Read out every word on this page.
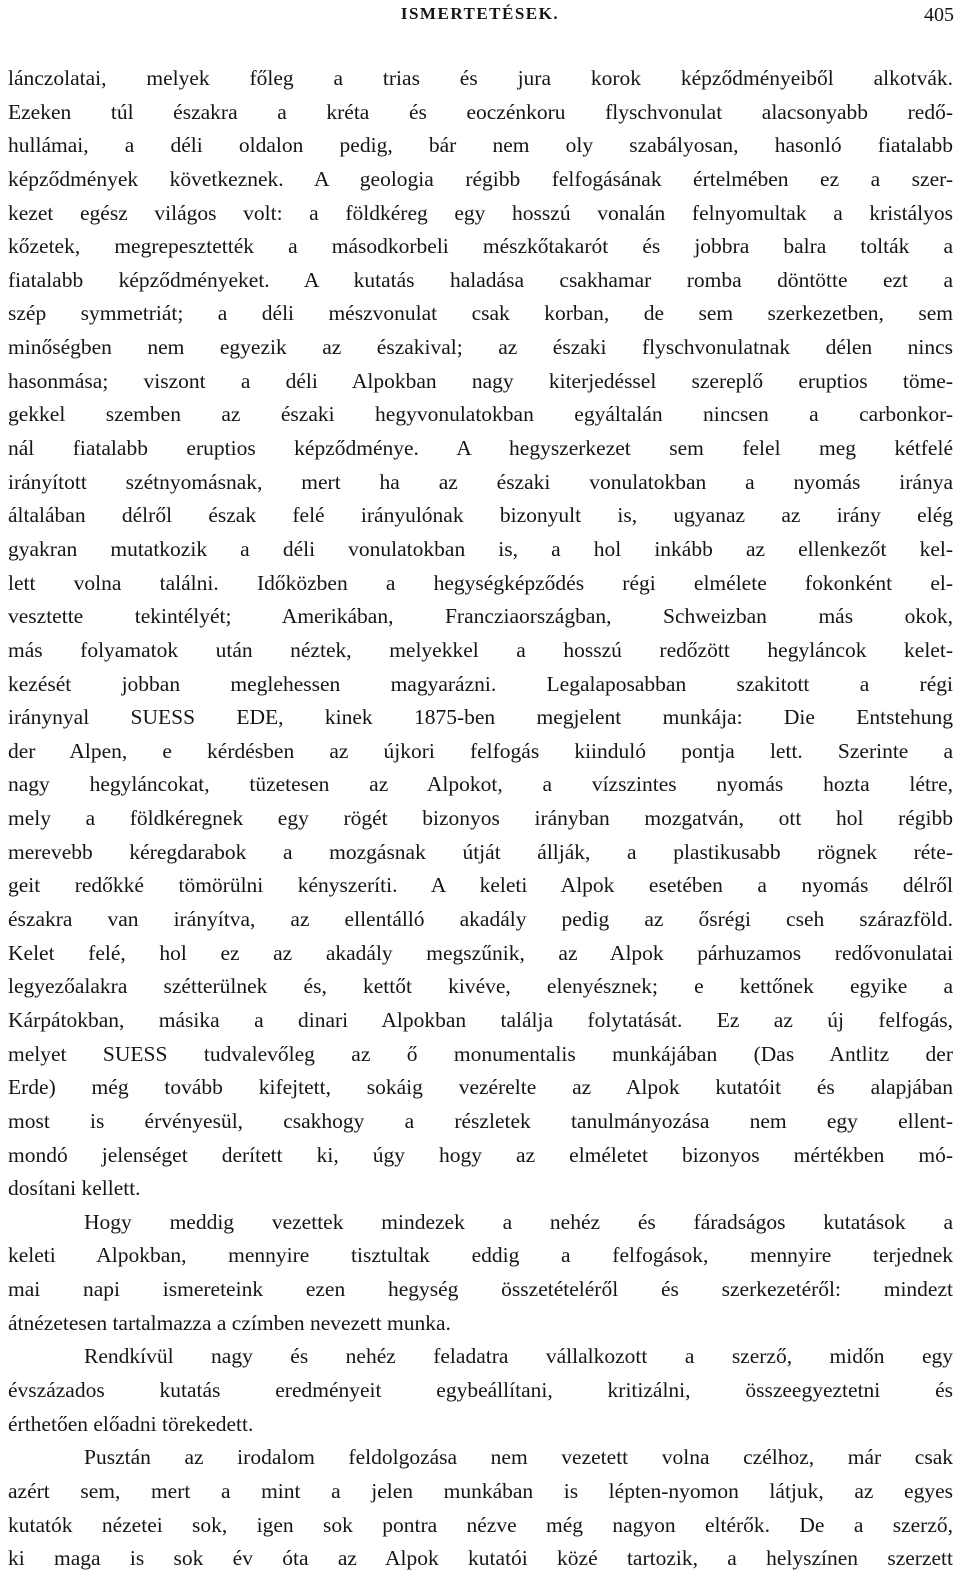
ISMERTETÉSEK.	405
lánczolatai, melyek főleg a trias és jura korok képződményeiből alkotvák.
Ezeken túl északra a kréta és eoczénkoru flyschvonulat alacsonyabb redő-
hullámai, a déli oldalon pedig, bár nem oly szabályosan, hasonló fiatalabb
képződmények következnek. A geologia régibb felfogásának értelmében ez a szer-
kezet egész világos volt: a földkéreg egy hosszú vonalán felnyomultak a kristályos
kőzetek, megrepesztették a másodkorbeli mészkőtakarót és jobbra balra tolták a
fiatalabb képződményeket. A kutatás haladása csakhamar romba döntötte ezt a
szép symmetriát; a déli mészvonulat csak korban, de sem szerkezetben, sem
minőségben nem egyezik az északival; az északi flyschvonulatnak délen nincs
hasonmása; viszont a déli Alpokban nagy kiterjedéssel szereplő eruptios töme-
gekkel szemben az északi hegyvonulatokban egyáltalán nincsen a carbonkor-
nál fiatalabb eruptios képződménye. A hegyszerkezet sem felel meg kétfelé
irányított szétnyomásnak, mert ha az északi vonulatokban a nyomás iránya
általában délről észak felé irányulónak bizonyult is, ugyanaz az irány elég
gyakran mutatkozik a déli vonulatokban is, a hol inkább az ellenkezőt kel-
lett volna találni. Időközben a hegységképződés régi elmélete fokonként el-
vesztette tekintélyét; Amerikában, Francziaországban, Schweizban más okok,
más folyamatok után néztek, melyekkel a hosszú redőzött hegyláncok kelet-
kezését jobban meglehessen magyarázni. Legalaposabban szakitott a régi
iránynyal SUESS EDE, kinek 1875-ben megjelent munkája: Die Entstehung
der Alpen, e kérdésben az újkori felfogás kiinduló pontja lett. Szerinte a
nagy hegyláncokat, tüzetesen az Alpokot, a vízszintes nyomás hozta létre,
mely a földkéregnek egy rögét bizonyos irányban mozgatván, ott hol régibb
merevebb kéregdarabok a mozgásnak útját állják, a plastikusabb rögnek réte-
geit redőkké tömörülni kényszeríti. A keleti Alpok esetében a nyomás délről
északra van irányítva, az ellentálló akadály pedig az ősrégi cseh szárazföld.
Kelet felé, hol ez az akadály megszűnik, az Alpok párhuzamos redővonulatai
legyezőalakra szétterülnek és, kettőt kivéve, elenyésznek; e kettőnek egyike a
Kárpátokban, másika a dinari Alpokban találja folytatását. Ez az új felfogás,
melyet SUESS tudvalevőleg az ő monumentalis munkájában (Das Antlitz der
Erde) még tovább kifejtett, sokáig vezérelte az Alpok kutatóit és alapjában
most is érvényesül, csakhogy a részletek tanulmányozása nem egy ellent-
mondó jelenséget derített ki, úgy hogy az elméletet bizonyos mértékben mó-
dosítani kellett.
Hogy meddig vezettek mindezek a nehéz és fáradságos kutatások a
keleti Alpokban, mennyire tisztultak eddig a felfogások, mennyire terjednek
mai napi ismereteink ezen hegység összetételéről és szerkezetéről: mindezt
átnézetesen tartalmazza a czímben nevezett munka.
Rendkívül nagy és nehéz feladatra vállalkozott a szerző, midőn egy
évszázados kutatás eredményeit egybeállítani, kritizálni, összeegyeztetni és
érthetően előadni törekedett.
Pusztán az irodalom feldolgozása nem vezetett volna czélhoz, már csak
azért sem, mert a mint a jelen munkában is lépten-nyomon látjuk, az egyes
kutatók nézetei sok, igen sok pontra nézve még nagyon eltérők. De a szerző,
ki maga is sok év óta az Alpok kutatói közé tartozik, a helyszínen szerzett
